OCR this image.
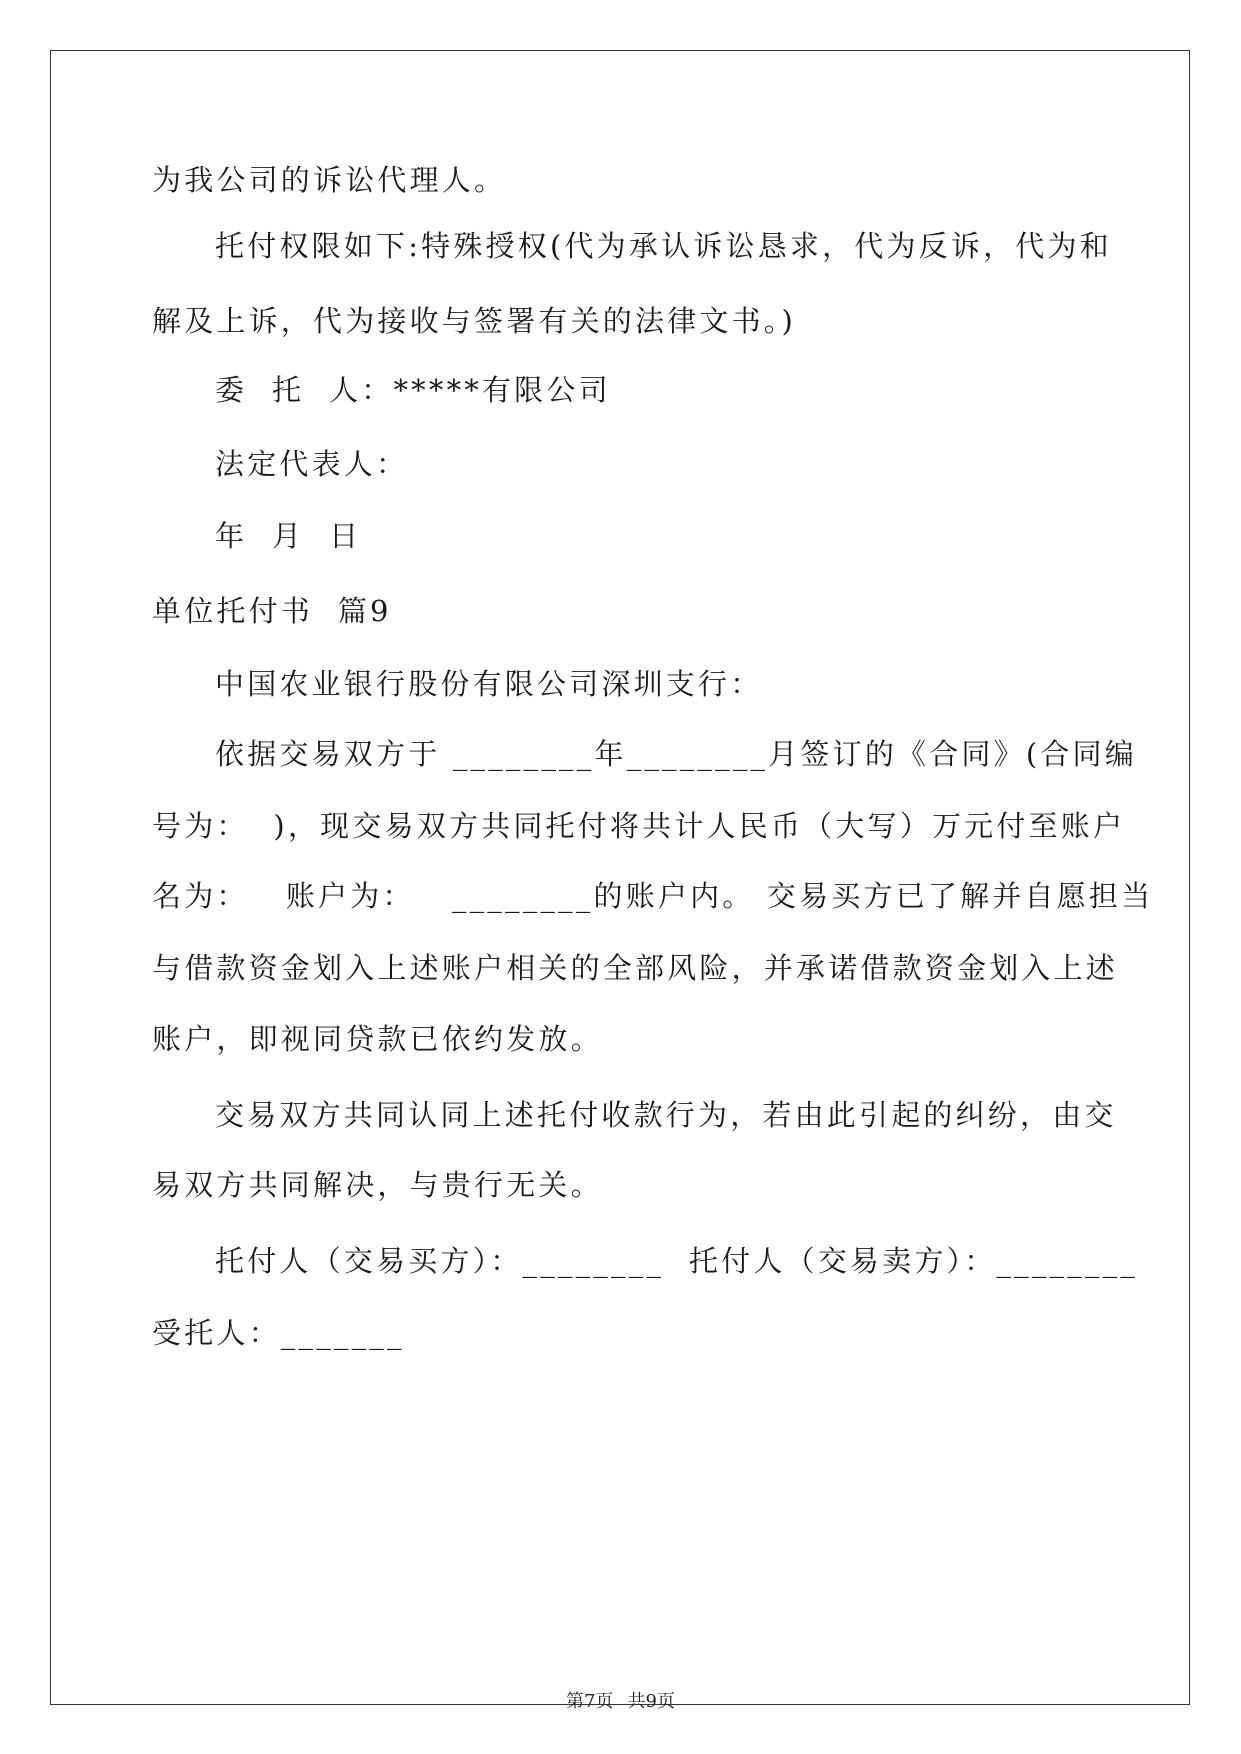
为我公司的诉讼代理人。
托付权限如下:特殊授权(代为承认诉讼恳求，代为反诉，代为和
解及上诉，代为接收与签署有关的法律文书。)
委  托  人：*****有限公司
法定代表人：
年  月  日
单位托付书  篇9
中国农业银行股份有限公司深圳支行：
依据交易双方于 ________年________月签订的《合同》(合同编
号为：  )，现交易双方共同托付将共计人民币（大写）万元付至账户
名为：   账户为：   ________的账户内。 交易买方已了解并自愿担当
与借款资金划入上述账户相关的全部风险，并承诺借款资金划入上述
账户，即视同贷款已依约发放。
交易双方共同认同上述托付收款行为，若由此引起的纠纷，由交
易双方共同解决，与贵行无关。
托付人（交易买方）：________  托付人（交易卖方）：________
受托人：_______
第7页 共9页
